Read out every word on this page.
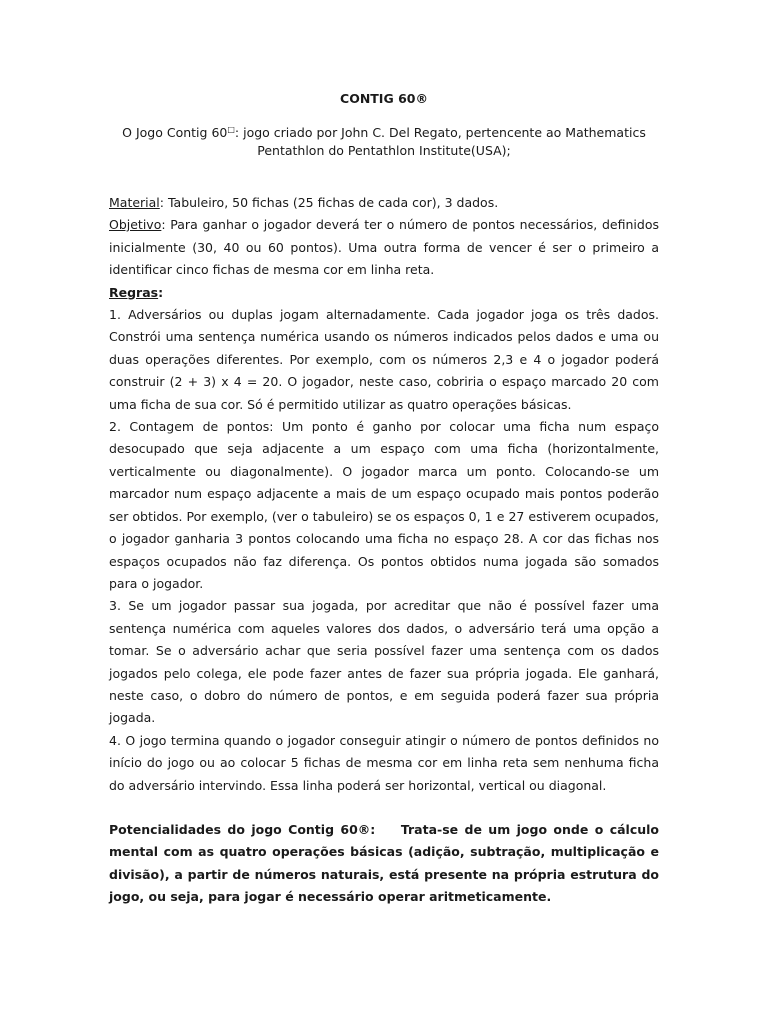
CONTIG 60®
O Jogo Contig 60□: jogo criado por John C. Del Regato, pertencente ao Mathematics Pentathlon do Pentathlon Institute(USA);

Material: Tabuleiro, 50 fichas (25 fichas de cada cor), 3 dados.

Objetivo: Para ganhar o jogador deverá ter o número de pontos necessários, definidos inicialmente (30, 40 ou 60 pontos). Uma outra forma de vencer é ser o primeiro a identificar cinco fichas de mesma cor em linha reta.

Regras:

1. Adversários ou duplas jogam alternadamente. Cada jogador joga os três dados. Constrói uma sentença numérica usando os números indicados pelos dados e uma ou duas operações diferentes. Por exemplo, com os números 2,3 e 4 o jogador poderá construir (2 + 3) x 4 = 20. O jogador, neste caso, cobriria o espaço marcado 20 com uma ficha de sua cor. Só é permitido utilizar as quatro operações básicas.

2. Contagem de pontos: Um ponto é ganho por colocar uma ficha num espaço desocupado que seja adjacente a um espaço com uma ficha (horizontalmente, verticalmente ou diagonalmente). O jogador marca um ponto. Colocando-se um marcador num espaço adjacente a mais de um espaço ocupado mais pontos poderão ser obtidos. Por exemplo, (ver o tabuleiro) se os espaços 0, 1 e 27 estiverem ocupados, o jogador ganharia 3 pontos colocando uma ficha no espaço 28. A cor das fichas nos espaços ocupados não faz diferença. Os pontos obtidos numa jogada são somados para o jogador.

3. Se um jogador passar sua jogada, por acreditar que não é possível fazer uma sentença numérica com aqueles valores dos dados, o adversário terá uma opção a tomar. Se o adversário achar que seria possível fazer uma sentença com os dados jogados pelo colega, ele pode fazer antes de fazer sua própria jogada. Ele ganhará, neste caso, o dobro do número de pontos, e em seguida poderá fazer sua própria jogada.

4. O jogo termina quando o jogador conseguir atingir o número de pontos definidos no início do jogo ou ao colocar 5 fichas de mesma cor em linha reta sem nenhuma ficha do adversário intervindo. Essa linha poderá ser horizontal, vertical ou diagonal.

Potencialidades do jogo Contig 60®:    Trata-se de um jogo onde o cálculo mental com as quatro operações básicas (adição, subtração, multiplicação e divisão), a partir de números naturais, está presente na própria estrutura do jogo, ou seja, para jogar é necessário operar aritmeticamente.
